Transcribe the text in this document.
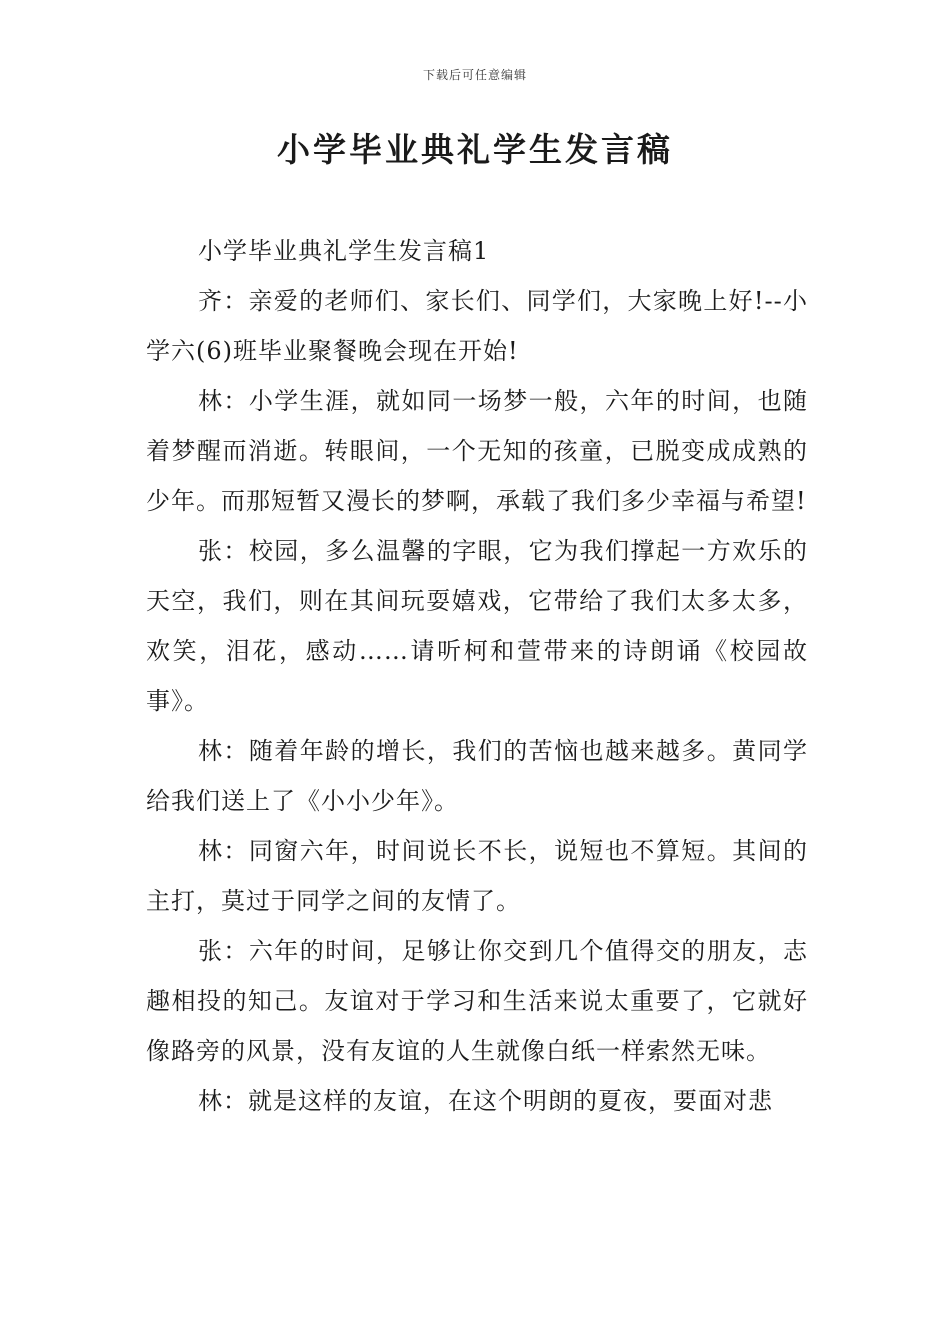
下载后可任意编辑
小学毕业典礼学生发言稿

小学毕业典礼学生发言稿1

齐：亲爱的老师们、家长们、同学们，大家晚上好!--小学六(6)班毕业聚餐晚会现在开始!

林：小学生涯，就如同一场梦一般，六年的时间，也随着梦醒而消逝。转眼间，一个无知的孩童，已脱变成成熟的少年。而那短暂又漫长的梦啊，承载了我们多少幸福与希望!

张：校园，多么温馨的字眼，它为我们撑起一方欢乐的天空，我们，则在其间玩耍嬉戏，它带给了我们太多太多，欢笑，泪花，感动……请听柯和萱带来的诗朗诵《校园故事》。

林：随着年龄的增长，我们的苦恼也越来越多。黄同学给我们送上了《小小少年》。

林：同窗六年，时间说长不长，说短也不算短。其间的主打，莫过于同学之间的友情了。

张：六年的时间，足够让你交到几个值得交的朋友，志趣相投的知己。友谊对于学习和生活来说太重要了，它就好像路旁的风景，没有友谊的人生就像白纸一样索然无味。

林：就是这样的友谊，在这个明朗的夏夜，要面对悲
